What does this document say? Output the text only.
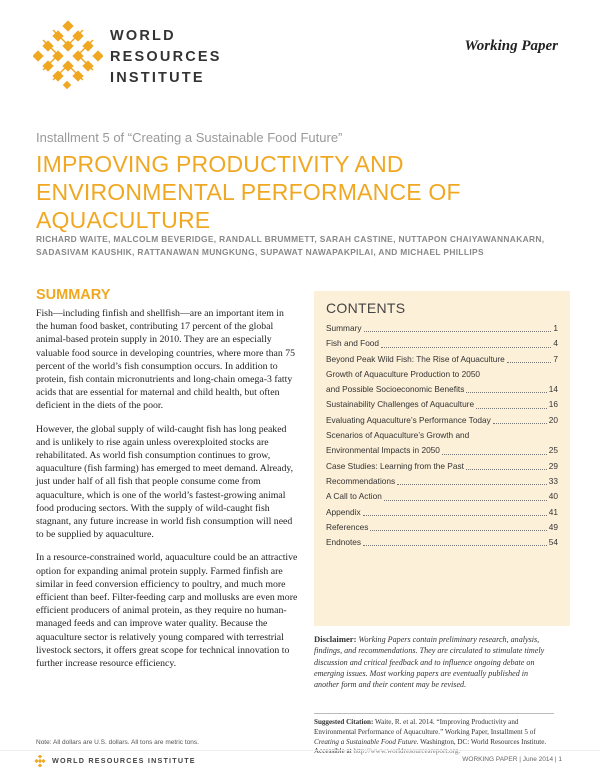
WORLD
RESOURCES
INSTITUTE
Working Paper
Installment 5 of “Creating a Sustainable Food Future”
IMPROVING PRODUCTIVITY AND ENVIRONMENTAL PERFORMANCE OF AQUACULTURE
RICHARD WAITE, MALCOLM BEVERIDGE, RANDALL BRUMMETT, SARAH CASTINE, NUTTAPON CHAIYAWANNAKARN, SADASIVAM KAUSHIK, RATTANAWAN MUNGKUNG, SUPAWAT NAWAPAKPILAI, AND MICHAEL PHILLIPS
SUMMARY

Fish—including finfish and shellfish—are an important item in the human food basket, contributing 17 percent of the global animal-based protein supply in 2010. They are an especially valuable food source in developing countries, where more than 75 percent of the world’s fish consumption occurs. In addition to protein, fish contain micronutrients and long-chain omega-3 fatty acids that are essential for maternal and child health, but often deficient in the diets of the poor.

However, the global supply of wild-caught fish has long peaked and is unlikely to rise again unless overexploited stocks are rehabilitated. As world fish consumption continues to grow, aquaculture (fish farming) has emerged to meet demand. Already, just under half of all fish that people consume come from aquaculture, which is one of the world’s fastest-growing animal food producing sectors. With the supply of wild-caught fish stagnant, any future increase in world fish consumption will need to be supplied by aquaculture.

In a resource-constrained world, aquaculture could be an attractive option for expanding animal protein supply. Farmed finfish are similar in feed conversion efficiency to poultry, and much more efficient than beef. Filter-feeding carp and mollusks are even more efficient producers of animal protein, as they require no human-managed feeds and can improve water quality. Because the aquaculture sector is relatively young compared with terrestrial livestock sectors, it offers great scope for technical innovation to further increase resource efficiency.

Note: All dollars are U.S. dollars. All tons are metric tons.
CONTENTS
Summary	1
Fish and Food	4
Beyond Peak Wild Fish: The Rise of Aquaculture	7
Growth of Aquaculture Production to 2050
and Possible Socioeconomic Benefits	14
Sustainability Challenges of Aquaculture	16
Evaluating Aquaculture’s Performance Today	20
Scenarios of Aquaculture’s Growth and
Environmental Impacts in 2050	25
Case Studies: Learning from the Past	29
Recommendations	33
A Call to Action	40
Appendix	41
References	49
Endnotes	54
Disclaimer: Working Papers contain preliminary research, analysis, findings, and recommendations. They are circulated to stimulate timely discussion and critical feedback and to influence ongoing debate on emerging issues. Most working papers are eventually published in another form and their content may be revised.
Suggested Citation: Waite, R. et al. 2014. “Improving Productivity and Environmental Performance of Aquaculture.” Working Paper, Installment 5 of Creating a Sustainable Food Future. Washington, DC: World Resources Institute. Accessible at http://www.worldresourcesreport.org.
WORLD RESOURCES INSTITUTE	WORKING PAPER | June 2014 | 1
